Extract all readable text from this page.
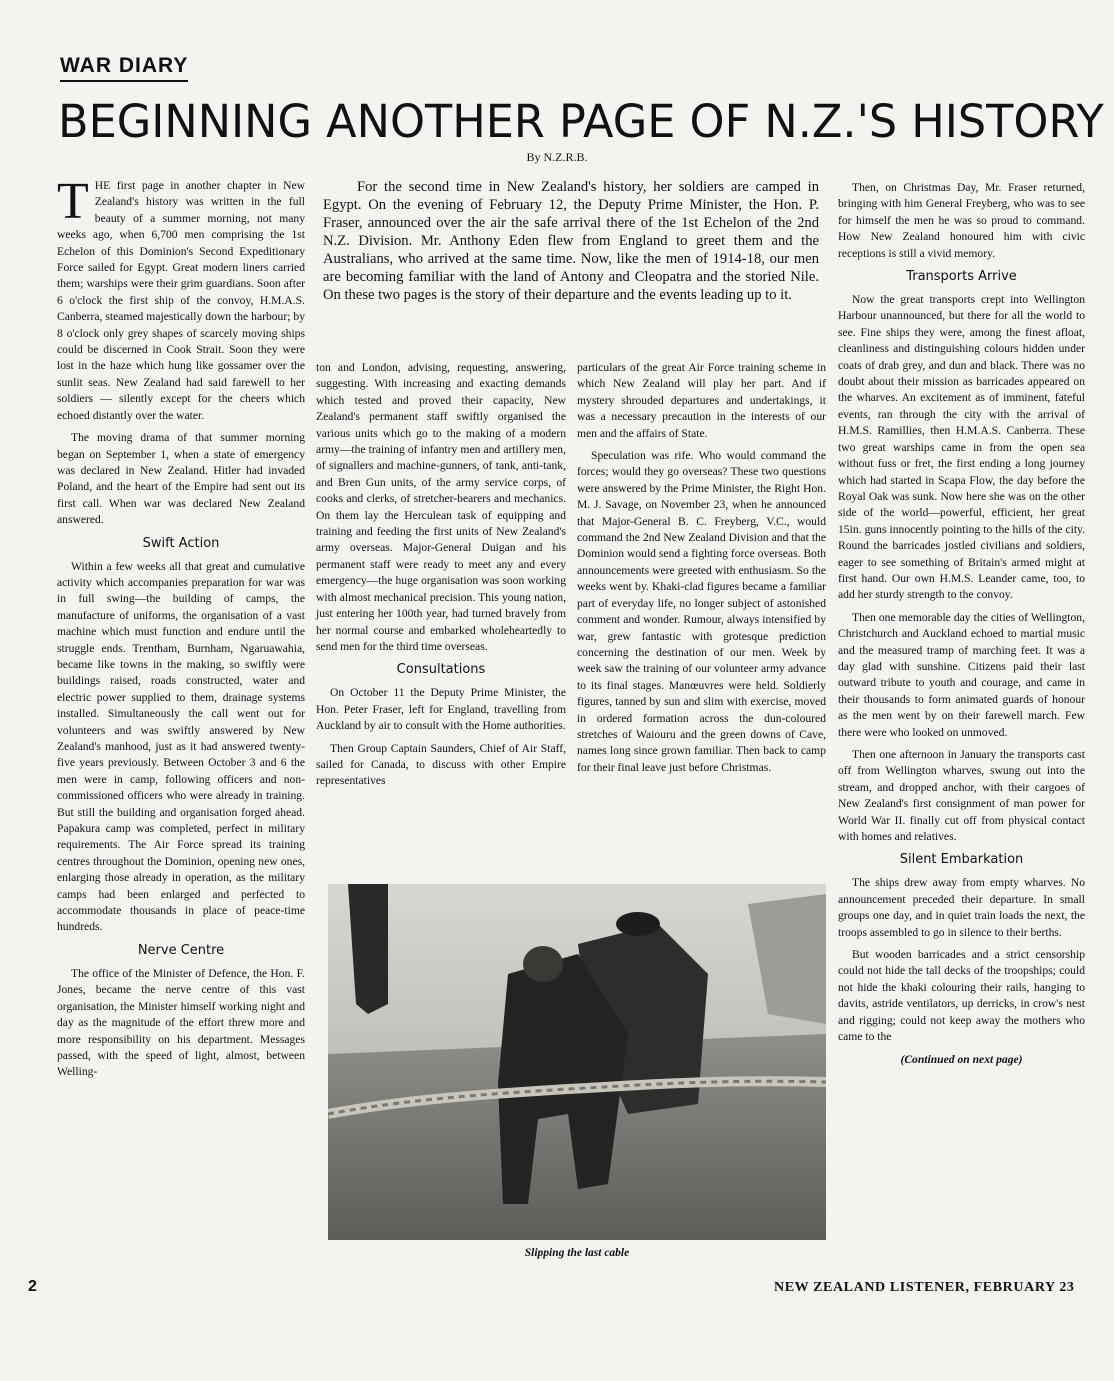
WAR DIARY
BEGINNING ANOTHER PAGE OF N.Z.'S HISTORY
By N.Z.R.B.

THE first page in another chapter in New Zealand's history was written in the full beauty of a summer morning, not many weeks ago, when 6,700 men comprising the 1st Echelon of this Dominion's Second Expeditionary Force sailed for Egypt. Great modern liners carried them; warships were their grim guardians. Soon after 6 o'clock the first ship of the convoy, H.M.A.S. Canberra, steamed majestically down the harbour; by 8 o'clock only grey shapes of scarcely moving ships could be discerned in Cook Strait. Soon they were lost in the haze which hung like gossamer over the sunlit seas. New Zealand had said farewell to her soldiers — silently except for the cheers which echoed distantly over the water.

The moving drama of that summer morning began on September 1, when a state of emergency was declared in New Zealand. Hitler had invaded Poland, and the heart of the Empire had sent out its first call. When war was declared New Zealand answered.

Swift Action

Within a few weeks all that great and cumulative activity which accompanies preparation for war was in full swing—the building of camps, the manufacture of uniforms, the organisation of a vast machine which must function and endure until the struggle ends. Trentham, Burnham, Ngaruawahia, became like towns in the making, so swiftly were buildings raised, roads constructed, water and electric power supplied to them, drainage systems installed. Simultaneously the call went out for volunteers and was swiftly answered by New Zealand's manhood, just as it had answered twenty-five years previously. Between October 3 and 6 the men were in camp, following officers and non-commissioned officers who were already in training. But still the building and organisation forged ahead. Papakura camp was completed, perfect in military requirements. The Air Force spread its training centres throughout the Dominion, opening new ones, enlarging those already in operation, as the military camps had been enlarged and perfected to accommodate thousands in place of peace-time hundreds.

Nerve Centre

The office of the Minister of Defence, the Hon. F. Jones, became the nerve centre of this vast organisation, the Minister himself working night and day as the magnitude of the effort threw more and more responsibility on his department. Messages passed, with the speed of light, almost, between Welling-

For the second time in New Zealand's history, her soldiers are camped in Egypt. On the evening of February 12, the Deputy Prime Minister, the Hon. P. Fraser, announced over the air the safe arrival there of the 1st Echelon of the 2nd N.Z. Division. Mr. Anthony Eden flew from England to greet them and the Australians, who arrived at the same time. Now, like the men of 1914-18, our men are becoming familiar with the land of Antony and Cleopatra and the storied Nile. On these two pages is the story of their departure and the events leading up to it.

ton and London, advising, requesting, answering, suggesting. With increasing and exacting demands which tested and proved their capacity, New Zealand's permanent staff swiftly organised the various units which go to the making of a modern army—the training of infantry men and artillery men, of signallers and machine-gunners, of tank, anti-tank, and Bren Gun units, of the army service corps, of cooks and clerks, of stretcher-bearers and mechanics. On them lay the Herculean task of equipping and training and feeding the first units of New Zealand's army overseas. Major-General Duigan and his permanent staff were ready to meet any and every emergency—the huge organisation was soon working with almost mechanical precision. This young nation, just entering her 100th year, had turned bravely from her normal course and embarked wholeheartedly to send men for the third time overseas.

Consultations

On October 11 the Deputy Prime Minister, the Hon. Peter Fraser, left for England, travelling from Auckland by air to consult with the Home authorities.

Then Group Captain Saunders, Chief of Air Staff, sailed for Canada, to discuss with other Empire representatives

particulars of the great Air Force training scheme in which New Zealand will play her part. And if mystery shrouded departures and undertakings, it was a necessary precaution in the interests of our men and the affairs of State.

Speculation was rife. Who would command the forces; would they go overseas? These two questions were answered by the Prime Minister, the Right Hon. M. J. Savage, on November 23, when he announced that Major-General B. C. Freyberg, V.C., would command the 2nd New Zealand Division and that the Dominion would send a fighting force overseas. Both announcements were greeted with enthusiasm. So the weeks went by. Khaki-clad figures became a familiar part of everyday life, no longer subject of astonished comment and wonder. Rumour, always intensified by war, grew fantastic with grotesque prediction concerning the destination of our men. Week by week saw the training of our volunteer army advance to its final stages. Manœuvres were held. Soldierly figures, tanned by sun and slim with exercise, moved in ordered formation across the dun-coloured stretches of Waiouru and the green downs of Cave, names long since grown familiar. Then back to camp for their final leave just before Christmas.

Then, on Christmas Day, Mr. Fraser returned, bringing with him General Freyberg, who was to see for himself the men he was so proud to command. How New Zealand honoured him with civic receptions is still a vivid memory.

Transports Arrive

Now the great transports crept into Wellington Harbour unannounced, but there for all the world to see. Fine ships they were, among the finest afloat, cleanliness and distinguishing colours hidden under coats of drab grey, and dun and black. There was no doubt about their mission as barricades appeared on the wharves. An excitement as of imminent, fateful events, ran through the city with the arrival of H.M.S. Ramillies, then H.M.A.S. Canberra. These two great warships came in from the open sea without fuss or fret, the first ending a long journey which had started in Scapa Flow, the day before the Royal Oak was sunk. Now here she was on the other side of the world—powerful, efficient, her great 15in. guns innocently pointing to the hills of the city. Round the barricades jostled civilians and soldiers, eager to see something of Britain's armed might at first hand. Our own H.M.S. Leander came, too, to add her sturdy strength to the convoy.

Then one memorable day the cities of Wellington, Christchurch and Auckland echoed to martial music and the measured tramp of marching feet. It was a day glad with sunshine. Citizens paid their last outward tribute to youth and courage, and came in their thousands to form animated guards of honour as the men went by on their farewell march. Few there were who looked on unmoved.

Then one afternoon in January the transports cast off from Wellington wharves, swung out into the stream, and dropped anchor, with their cargoes of New Zealand's first consignment of man power for World War II. finally cut off from physical contact with homes and relatives.

Silent Embarkation

The ships drew away from empty wharves. No announcement preceded their departure. In small groups one day, and in quiet train loads the next, the troops assembled to go in silence to their berths.

But wooden barricades and a strict censorship could not hide the tall decks of the troopships; could not hide the khaki colouring their rails, hanging to davits, astride ventilators, up derricks, in crow's nest and rigging; could not keep away the mothers who came to the

(Continued on next page)
Slipping the last cable
2	NEW ZEALAND LISTENER, FEBRUARY 23
